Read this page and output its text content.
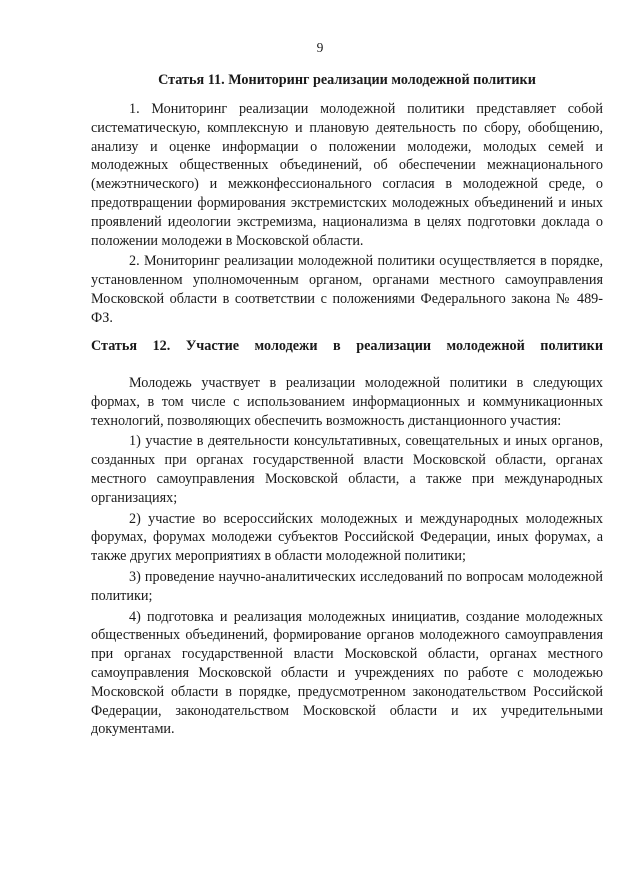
9
Статья 11. Мониторинг реализации молодежной политики

1. Мониторинг реализации молодежной политики представляет собой систематическую, комплексную и плановую деятельность по сбору, обобщению, анализу и оценке информации о положении молодежи, молодых семей и молодежных общественных объединений, об обеспечении межнационального (межэтнического) и межконфессионального согласия в молодежной среде, о предотвращении формирования экстремистских молодежных объединений и иных проявлений идеологии экстремизма, национализма в целях подготовки доклада о положении молодежи в Московской области.

2. Мониторинг реализации молодежной политики осуществляется в порядке, установленном уполномоченным органом, органами местного самоуправления Московской области в соответствии с положениями Федерального закона № 489-ФЗ.

Статья 12. Участие молодежи в реализации молодежной политики

Молодежь участвует в реализации молодежной политики в следующих формах, в том числе с использованием информационных и коммуникационных технологий, позволяющих обеспечить возможность дистанционного участия:

1) участие в деятельности консультативных, совещательных и иных органов, созданных при органах государственной власти Московской области, органах местного самоуправления Московской области, а также при международных организациях;

2) участие во всероссийских молодежных и международных молодежных форумах, форумах молодежи субъектов Российской Федерации, иных форумах, а также других мероприятиях в области молодежной политики;

3) проведение научно-аналитических исследований по вопросам молодежной политики;

4) подготовка и реализация молодежных инициатив, создание молодежных общественных объединений, формирование органов молодежного самоуправления при органах государственной власти Московской области, органах местного самоуправления Московской области и учреждениях по работе с молодежью Московской области в порядке, предусмотренном законодательством Российской Федерации, законодательством Московской области и их учредительными документами.
